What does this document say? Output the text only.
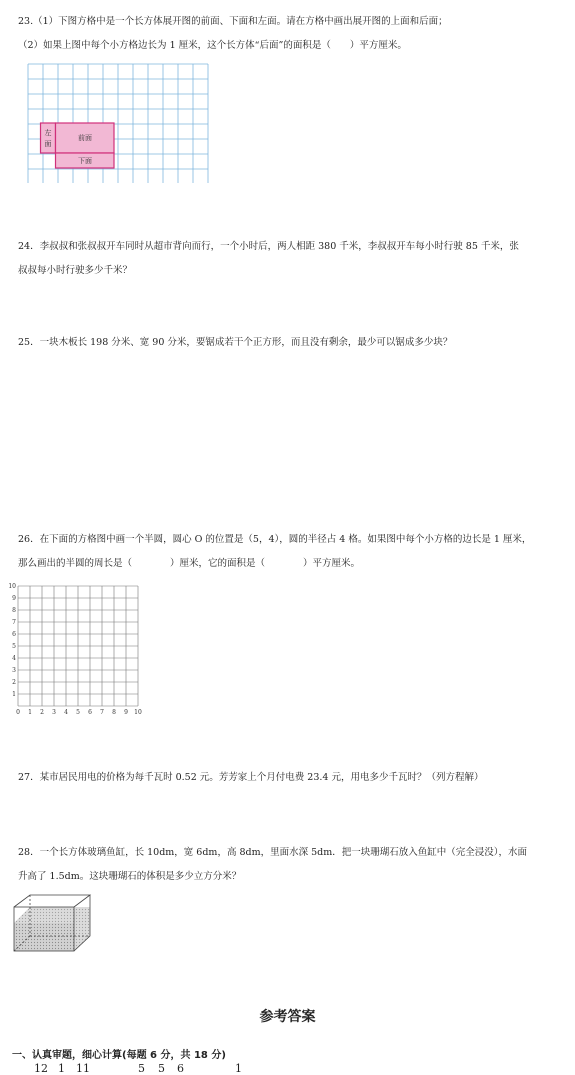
23.（1）下图方格中是一个长方体展开图的前面、下面和左面。请在方格中画出展开图的上面和后面；
（2）如果上图中每个小方格边长为 1 厘米，这个长方体“后面”的面积是（　　）平方厘米。
左
面
前面
下面
24．李叔叔和张叔叔开车同时从超市背向而行，一个小时后，两人相距 380 千米，李叔叔开车每小时行驶 85 千米，张
叔叔每小时行驶多少千米？
25．一块木板长 198 分米、宽 90 分米，要锯成若干个正方形，而且没有剩余，最少可以锯成多少块？
26．在下面的方格图中画一个半圆，圆心 O 的位置是（5，4），圆的半径占 4 格。如果图中每个小方格的边长是 1 厘米，
那么画出的半圆的周长是（　　　　）厘米，它的面积是（　　　　）平方厘米。
0 1 2 3 4 5 6 7 8 9 10
1
2
3
4
5
6
7
8
9
10
27．某市居民用电的价格为每千瓦时 0.52 元。芳芳家上个月付电费 23.4 元，用电多少千瓦时？（列方程解）
28．一个长方体玻璃鱼缸，长 10dm，宽 6dm，高 8dm，里面水深 5dm．把一块珊瑚石放入鱼缸中（完全浸没），水面
升高了 1.5dm。这块珊瑚石的体积是多少立方分米？
参考答案
一、认真审题，细心计算(每题 6 分，共 18 分)
12 1 11	5 5 6	1
